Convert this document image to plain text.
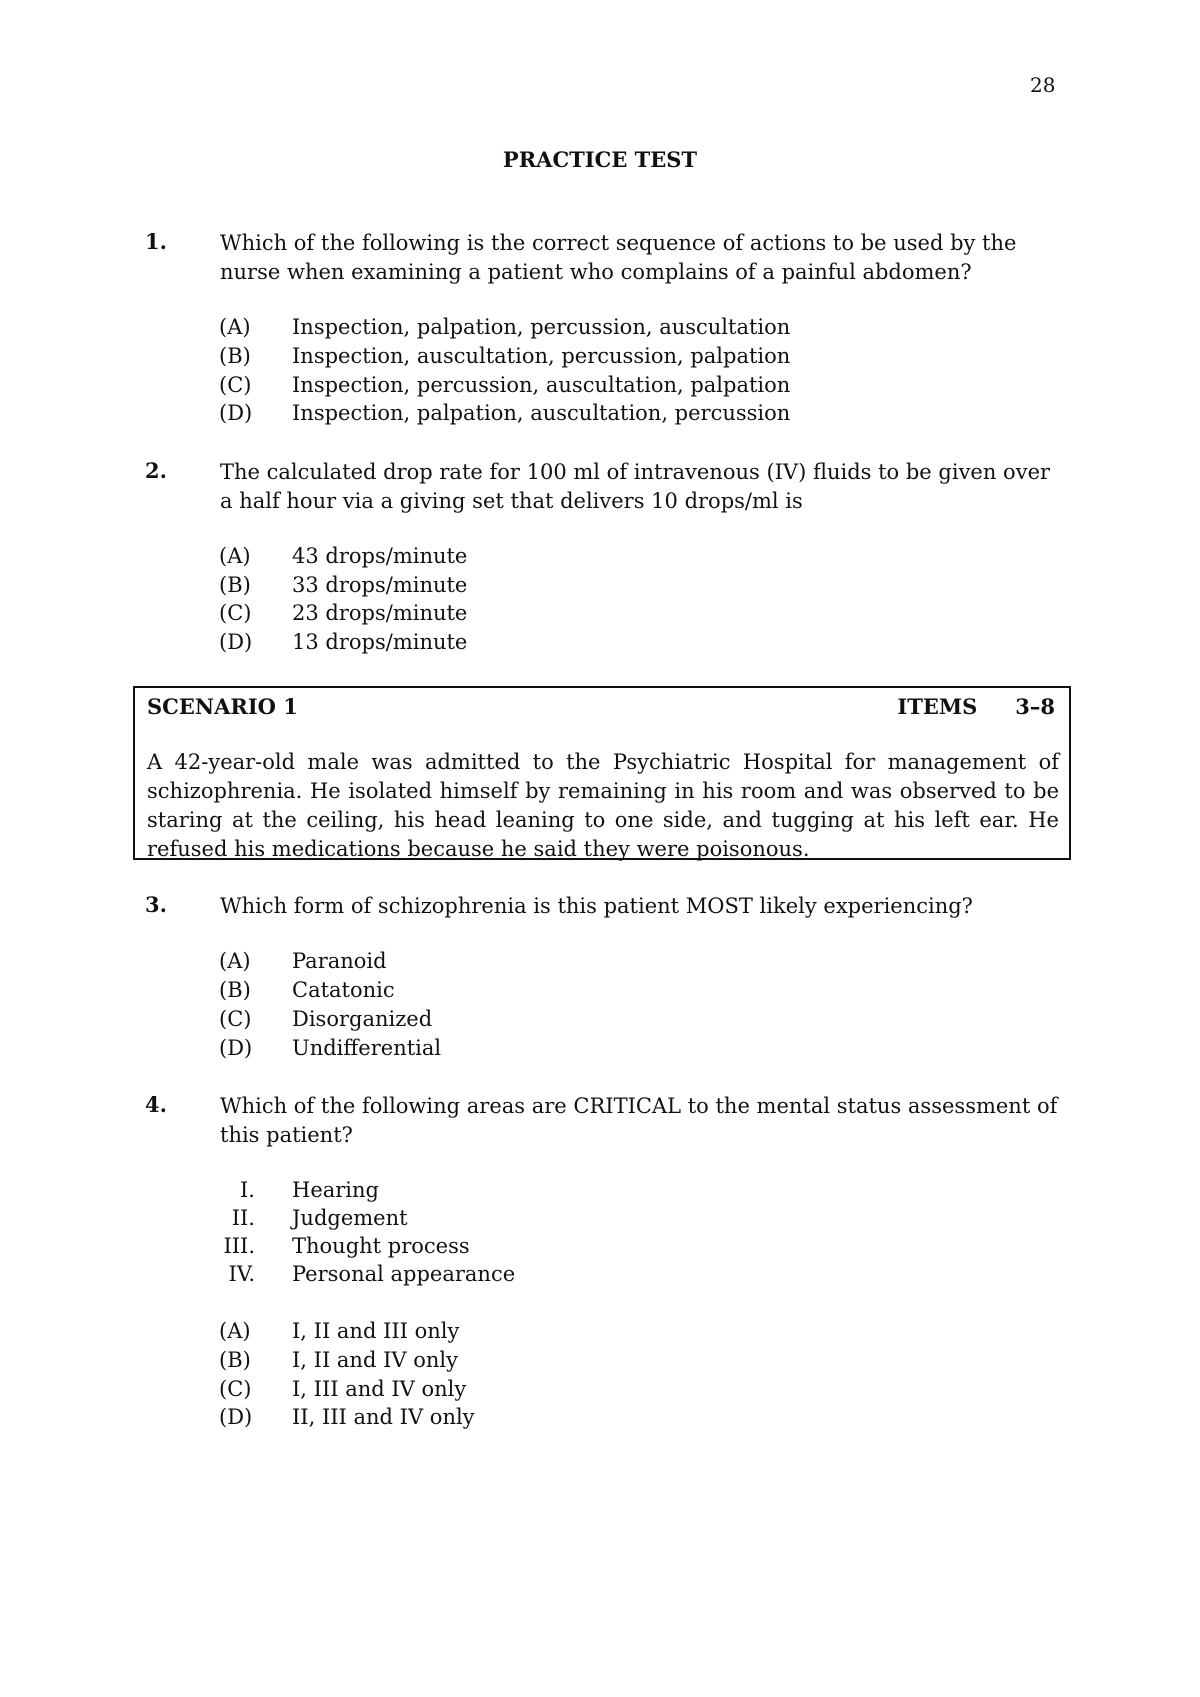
28
PRACTICE TEST
1.	Which of the following is the correct sequence of actions to be used by the nurse when examining a patient who complains of a painful abdomen?
(A) Inspection, palpation, percussion, auscultation
(B) Inspection, auscultation, percussion, palpation
(C) Inspection, percussion, auscultation, palpation
(D) Inspection, palpation, auscultation, percussion
2.	The calculated drop rate for 100 ml of intravenous (IV) fluids to be given over a half hour via a giving set that delivers 10 drops/ml is
(A) 43 drops/minute
(B) 33 drops/minute
(C) 23 drops/minute
(D) 13 drops/minute
SCENARIO 1	ITEMS 3–8
A 42-year-old male was admitted to the Psychiatric Hospital for management of schizophrenia. He isolated himself by remaining in his room and was observed to be staring at the ceiling, his head leaning to one side, and tugging at his left ear. He refused his medications because he said they were poisonous.
3.	Which form of schizophrenia is this patient MOST likely experiencing?
(A) Paranoid
(B) Catatonic
(C) Disorganized
(D) Undifferential
4.	Which of the following areas are CRITICAL to the mental status assessment of this patient?
I. Hearing
II. Judgement
III. Thought process
IV. Personal appearance
(A) I, II and III only
(B) I, II and IV only
(C) I, III and IV only
(D) II, III and IV only
